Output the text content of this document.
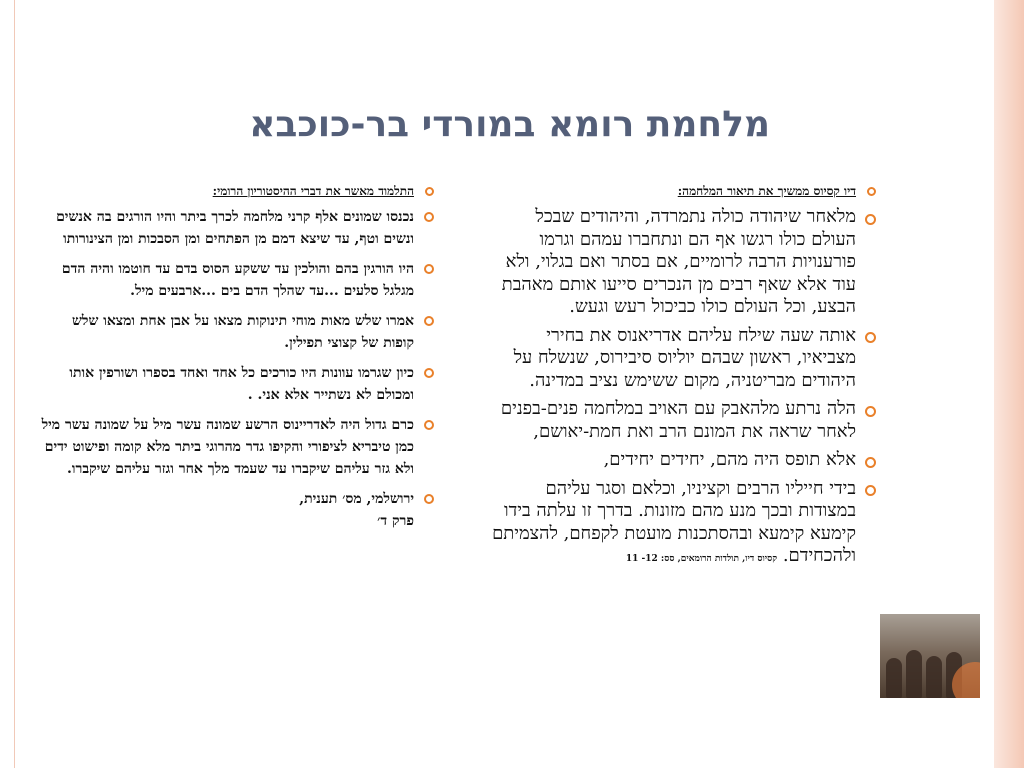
מלחמת רומא במורדי בר-כוכבא
דיו קסיוס ממשיך את תיאור המלחמה:
מלאחר שיהודה כולה נתמרדה, והיהודים שבכל העולם כולו רגשו אף הם ונתחברו עמהם וגרמו פורענויות הרבה לרומיים, אם בסתר ואם בגלוי, ולא עוד אלא שאף רבים מן הנכרים סייעו אותם מאהבת הבצע, וכל העולם כולו כביכול רעש וגעש.
אותה שעה שילח עליהם אדריאנוס את בחירי מצביאיו, ראשון שבהם יוליוס סיבירוס, שנשלח על היהודים מבריטניה, מקום ששימש נציב במדינה.
הלה נרתע מלהאבק עם האויב במלחמה פנים-בפנים לאחר שראה את המונם הרב ואת חמת-יאושם,
אלא תופס היה מהם, יחידים יחידים,
בידי חייליו הרבים וקציניו, וכלאם וסגר עליהם במצודות ובכך מנע מהם מזונות. בדרך זו עלתה בידו קימעא קימעא ובהסתכנות מועטת לקפחם, להצמיתם ולהכחידם. קסיוס דיו, תולדות הרומאים, סס: 12- 11
התלמוד מאשר את דברי ההיסטוריון הרומי:
נכנסו שמונים אלף קרני מלחמה לכרך ביתר והיו הורגים בה אנשים ונשים וטף, עד שיצא דמם מן הפתחים ומן הסבכות ומן הצינורותו
היו הורגין בהם והולכין עד ששקע הסוס בדם עד חוטמו והיה הדם מגלגל סלעים ...עד שהלך הדם בים ...ארבעים מיל.
אמרו שלש מאות מוחי תינוקות מצאו על אבן אחת ומצאו שלש קופות של קצוצי תפילין.
כיון שגרמו עוונות היו כורכים כל אחד ואחד בספרו ושורפין אותו ומכולם לא נשתייר אלא אני. .
כרם גדול היה לאדריינוס הרשע שמונה עשר מיל על שמונה עשר מיל כמן טיבריא לציפורי והקיפו גדר מהרוגי ביתר מלא קומה ופישוט ידים ולא גזר עליהם שיקברו עד שעמד מלך אחר וגזר עליהם שיקברו.
ירושלמי, מס׳ תענית,
פרק ד׳
